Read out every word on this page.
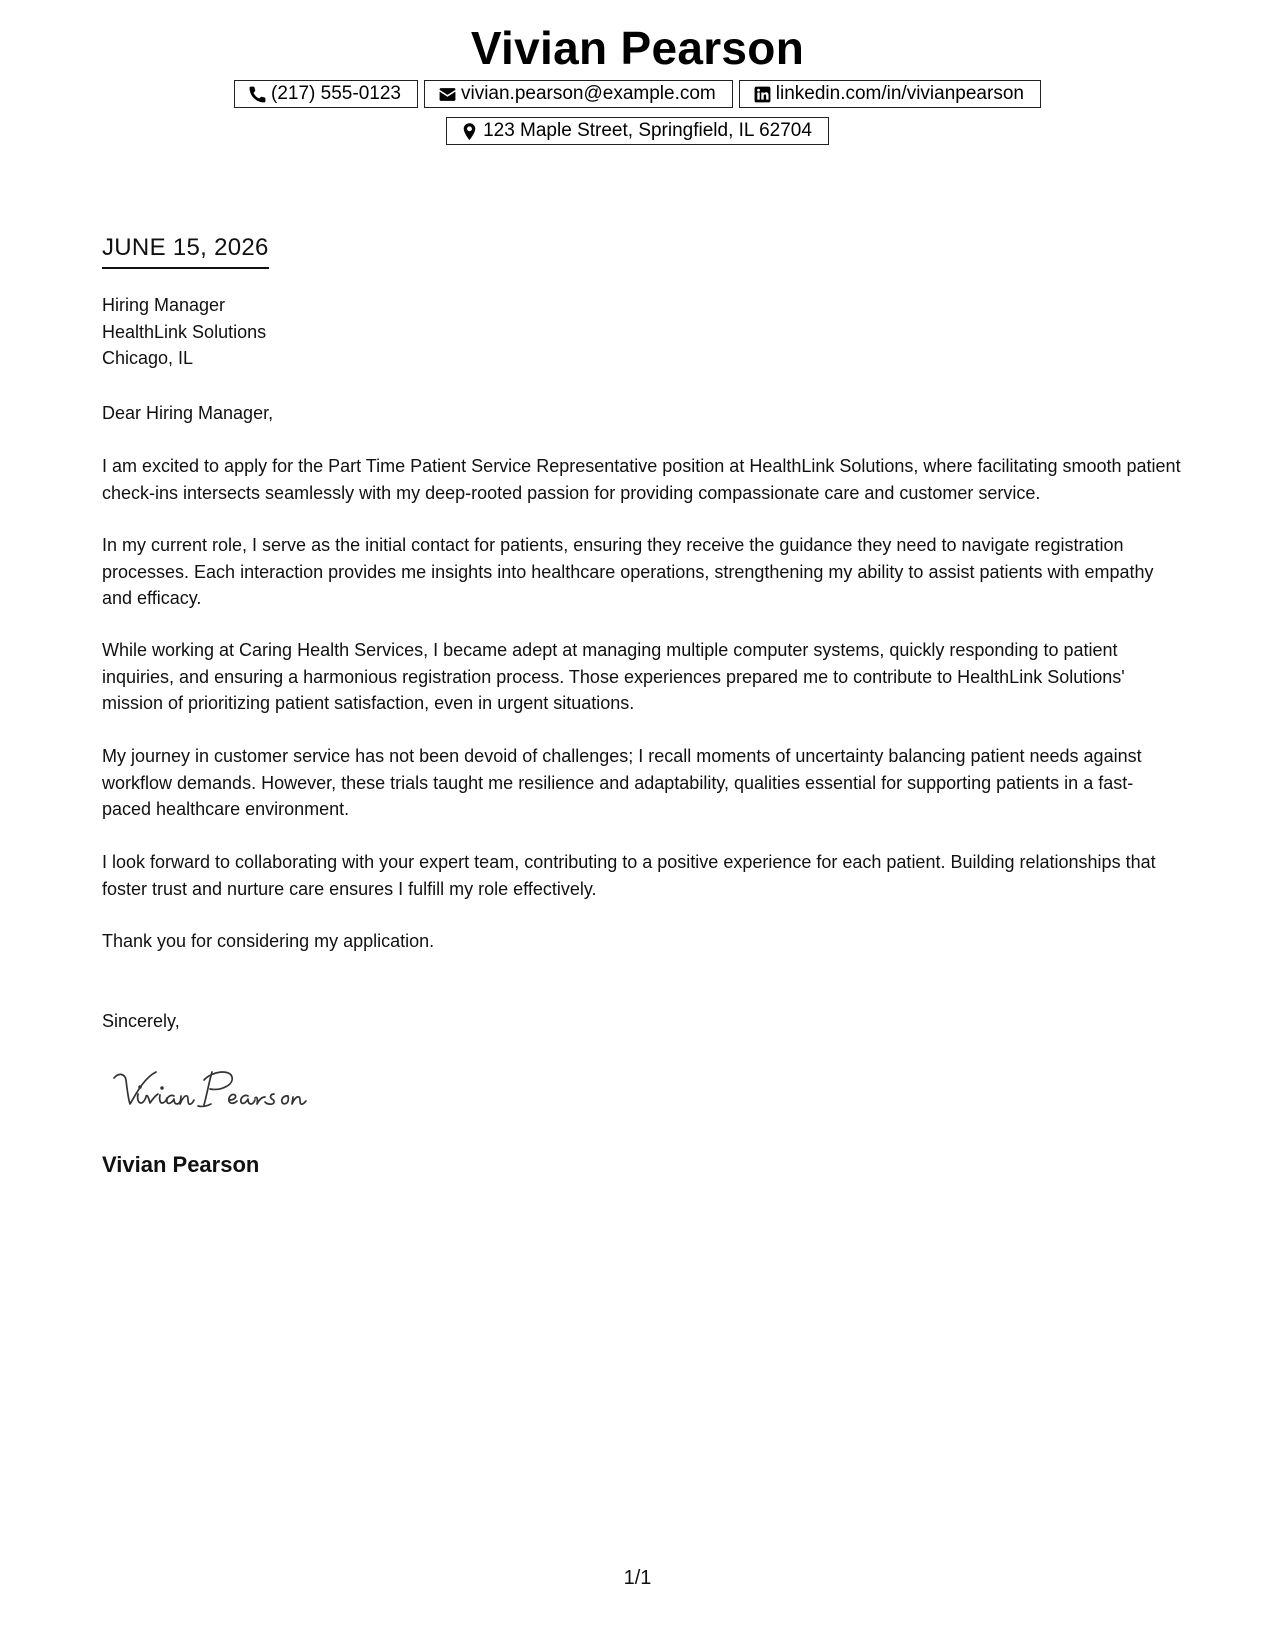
Vivian Pearson
(217) 555-0123	vivian.pearson@example.com	linkedin.com/in/vivianpearson
123 Maple Street, Springfield, IL 62704
JUNE 15, 2026
Hiring Manager
HealthLink Solutions
Chicago, IL
Dear Hiring Manager,
I am excited to apply for the Part Time Patient Service Representative position at HealthLink Solutions, where facilitating smooth patient check-ins intersects seamlessly with my deep-rooted passion for providing compassionate care and customer service.
In my current role, I serve as the initial contact for patients, ensuring they receive the guidance they need to navigate registration processes. Each interaction provides me insights into healthcare operations, strengthening my ability to assist patients with empathy and efficacy.
While working at Caring Health Services, I became adept at managing multiple computer systems, quickly responding to patient inquiries, and ensuring a harmonious registration process. Those experiences prepared me to contribute to HealthLink Solutions' mission of prioritizing patient satisfaction, even in urgent situations.
My journey in customer service has not been devoid of challenges; I recall moments of uncertainty balancing patient needs against workflow demands. However, these trials taught me resilience and adaptability, qualities essential for supporting patients in a fast-paced healthcare environment.
I look forward to collaborating with your expert team, contributing to a positive experience for each patient. Building relationships that foster trust and nurture care ensures I fulfill my role effectively.
Thank you for considering my application.
Sincerely,
Vivian Pearson
1/1
